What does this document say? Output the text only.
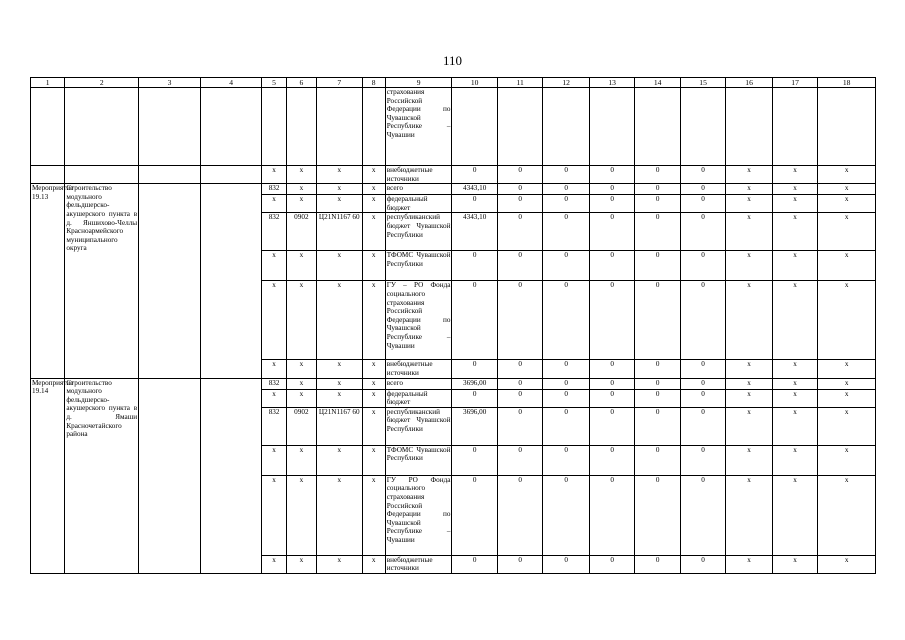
110
1	2	3	4	5	6	7	8	9	10	11	12	13	14	15	16	17	18
								страхования Российской Федерации по Чувашской Республике – Чувашии									
				x	x	x	x	внебюджетные источники	0	0	0	0	0	0	x	x	x
Мероприятие 19.13	Строительство модульного фельдшерско-акушерского пункта в д. Яншихово-Челлы Красноармейского муниципального округа			832	x	x	x	всего	4343,10	0	0	0	0	0	x	x	x
				x	x	x	x	федеральный бюджет	0	0	0	0	0	0	x	x	x
				832	0902	Ц21N1167 60	x	республиканский бюджет Чувашской Республики	4343,10	0	0	0	0	0	x	x	x
				x	x	x	x	ТФОМС Чувашской Республики	0	0	0	0	0	0	x	x	x
				x	x	x	x	ГУ – РО Фонда социального страхования Российской Федерации по Чувашской Республике – Чувашии	0	0	0	0	0	0	x	x	x
				x	x	x	x	внебюджетные источники	0	0	0	0	0	0	x	x	x
Мероприятие 19.14	Строительство модульного фельдшерско-акушерского пункта в д. Ямаши Красночетайского района			832	x	x	x	всего	3696,00	0	0	0	0	0	x	x	x
				x	x	x	x	федеральный бюджет	0	0	0	0	0	0	x	x	x
				832	0902	Ц21N1167 60	x	республиканский бюджет Чувашской Республики	3696,00	0	0	0	0	0	x	x	x
				x	x	x	x	ТФОМС Чувашской Республики	0	0	0	0	0	0	x	x	x
				x	x	x	x	ГУ РО Фонда социального страхования Российской Федерации по Чувашской Республике – Чувашии	0	0	0	0	0	0	x	x	x
				x	x	x	x	внебюджетные источники	0	0	0	0	0	0	x	x	x
